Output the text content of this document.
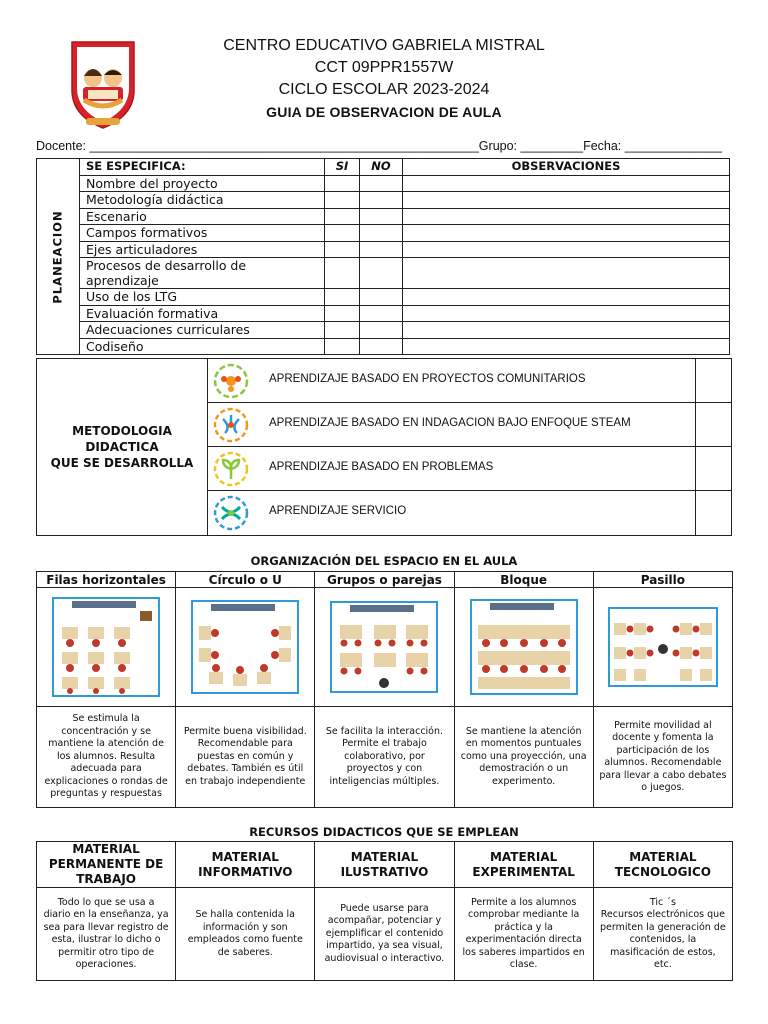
CENTRO EDUCATIVO GABRIELA MISTRAL
CCT 09PPR1557W
CICLO ESCOLAR 2023-2024
GUIA DE OBSERVACION DE AULA
Docente: ________________________________________________________Grupo: _________Fecha: ______________
PLANEACION	SE ESPECIFICA:	SI	NO	OBSERVACIONES
	Nombre del proyecto			
	Metodología didáctica			
	Escenario			
	Campos formativos			
	Ejes articuladores			
	Procesos de desarrollo de aprendizaje			
	Uso de los LTG			
	Evaluación formativa			
	Adecuaciones curriculares			
	Codiseño			
METODOLOGIA
DIDACTICA
QUE SE DESARROLLA
APRENDIZAJE BASADO EN PROYECTOS COMUNITARIOS
APRENDIZAJE BASADO EN INDAGACION BAJO ENFOQUE STEAM
APRENDIZAJE BASADO EN PROBLEMAS
APRENDIZAJE SERVICIO
ORGANIZACIÓN DEL ESPACIO EN EL AULA
Filas horizontales	Círculo o U	Grupos o parejas	Bloque	Pasillo

Se estimula la concentración y se mantiene la atención de los alumnos. Resulta adecuada para explicaciones o rondas de preguntas y respuestas	Permite buena visibilidad. Recomendable para puestas en común y debates. También es útil en trabajo independiente	Se facilita la interacción. Permite el trabajo colaborativo, por proyectos y con inteligencias múltiples.	Se mantiene la atención en momentos puntuales como una proyección, una demostración o un experimento.	Permite movilidad al docente y fomenta la participación de los alumnos. Recomendable para llevar a cabo debates o juegos.
RECURSOS DIDACTICOS QUE SE EMPLEAN
MATERIAL PERMANENTE DE TRABAJO	MATERIAL INFORMATIVO	MATERIAL ILUSTRATIVO	MATERIAL EXPERIMENTAL	MATERIAL TECNOLOGICO
Todo lo que se usa a diario en la enseñanza, ya sea para llevar registro de esta, ilustrar lo dicho o permitir otro tipo de operaciones.	Se halla contenida la información y son empleados como fuente de saberes.	Puede usarse para acompañar, potenciar y ejemplificar el contenido impartido, ya sea visual, audiovisual o interactivo.	Permite a los alumnos comprobar mediante la práctica y la experimentación directa los saberes impartidos en clase.	Tic ´s
Recursos electrónicos que permiten la generación de contenidos, la masificación de estos, etc.
